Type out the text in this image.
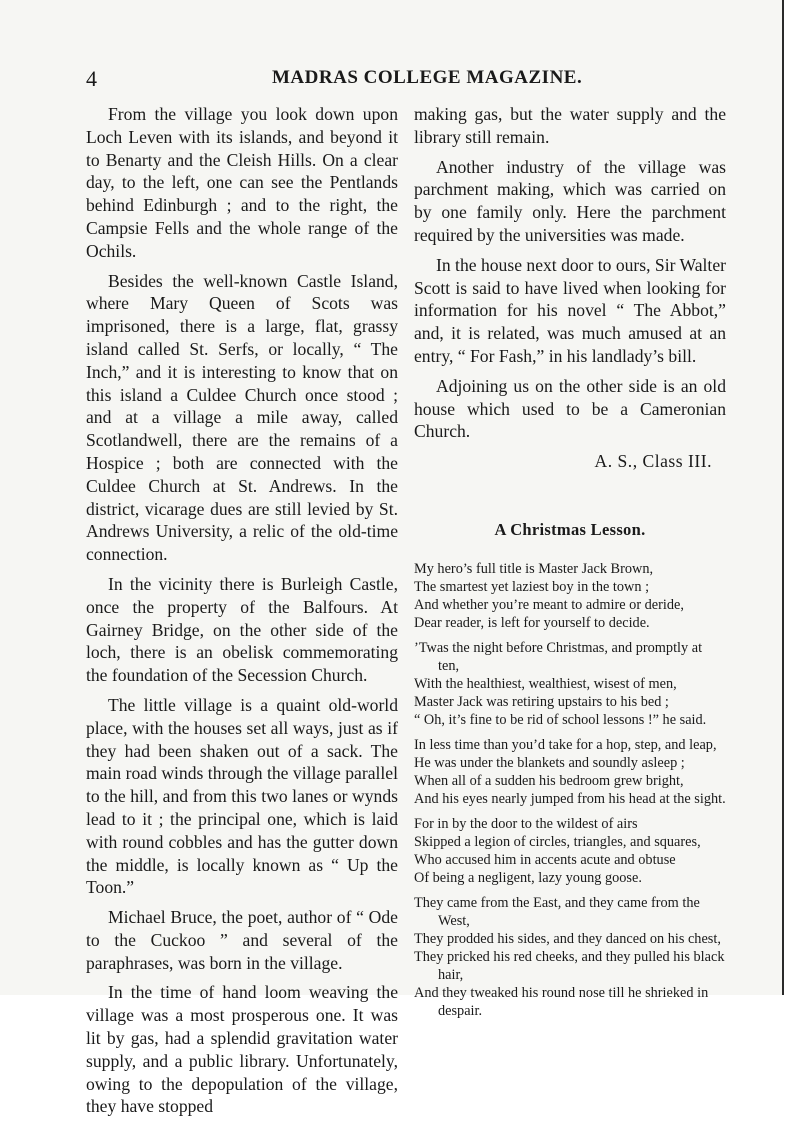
4	MADRAS COLLEGE MAGAZINE.

From the village you look down upon Loch Leven with its islands, and beyond it to Benarty and the Cleish Hills. On a clear day, to the left, one can see the Pentlands behind Edinburgh ; and to the right, the Campsie Fells and the whole range of the Ochils.

Besides the well-known Castle Island, where Mary Queen of Scots was imprisoned, there is a large, flat, grassy island called St. Serfs, or locally, “ The Inch,” and it is interesting to know that on this island a Culdee Church once stood ; and at a village a mile away, called Scotlandwell, there are the remains of a Hospice ; both are connected with the Culdee Church at St. Andrews. In the district, vicarage dues are still levied by St. Andrews University, a relic of the old-time connection.

In the vicinity there is Burleigh Castle, once the property of the Balfours. At Gairney Bridge, on the other side of the loch, there is an obelisk commemorating the foundation of the Secession Church.

The little village is a quaint old-world place, with the houses set all ways, just as if they had been shaken out of a sack. The main road winds through the village parallel to the hill, and from this two lanes or wynds lead to it ; the principal one, which is laid with round cobbles and has the gutter down the middle, is locally known as “ Up the Toon.”

Michael Bruce, the poet, author of “ Ode to the Cuckoo ” and several of the paraphrases, was born in the village.

In the time of hand loom weaving the village was a most prosperous one. It was lit by gas, had a splendid gravitation water supply, and a public library. Unfortunately, owing to the depopulation of the village, they have stopped

making gas, but the water supply and the library still remain.

Another industry of the village was parchment making, which was carried on by one family only. Here the parchment required by the universities was made.

In the house next door to ours, Sir Walter Scott is said to have lived when looking for information for his novel “ The Abbot,” and, it is related, was much amused at an entry, “ For Fash,” in his landlady’s bill.

Adjoining us on the other side is an old house which used to be a Cameronian Church.

A. S., Class III.

A Christmas Lesson.
My hero’s full title is Master Jack Brown,
The smartest yet laziest boy in the town ;
And whether you’re meant to admire or deride,
Dear reader, is left for yourself to decide.
’Twas the night before Christmas, and promptly at ten,
With the healthiest, wealthiest, wisest of men,
Master Jack was retiring upstairs to his bed ;
“ Oh, it’s fine to be rid of school lessons !” he said.
In less time than you’d take for a hop, step, and leap,
He was under the blankets and soundly asleep ;
When all of a sudden his bedroom grew bright,
And his eyes nearly jumped from his head at the sight.
For in by the door to the wildest of airs
Skipped a legion of circles, triangles, and squares,
Who accused him in accents acute and obtuse
Of being a negligent, lazy young goose.
They came from the East, and they came from the West,
They prodded his sides, and they danced on his chest,
They pricked his red cheeks, and they pulled his black hair,
And they tweaked his round nose till he shrieked in despair.
